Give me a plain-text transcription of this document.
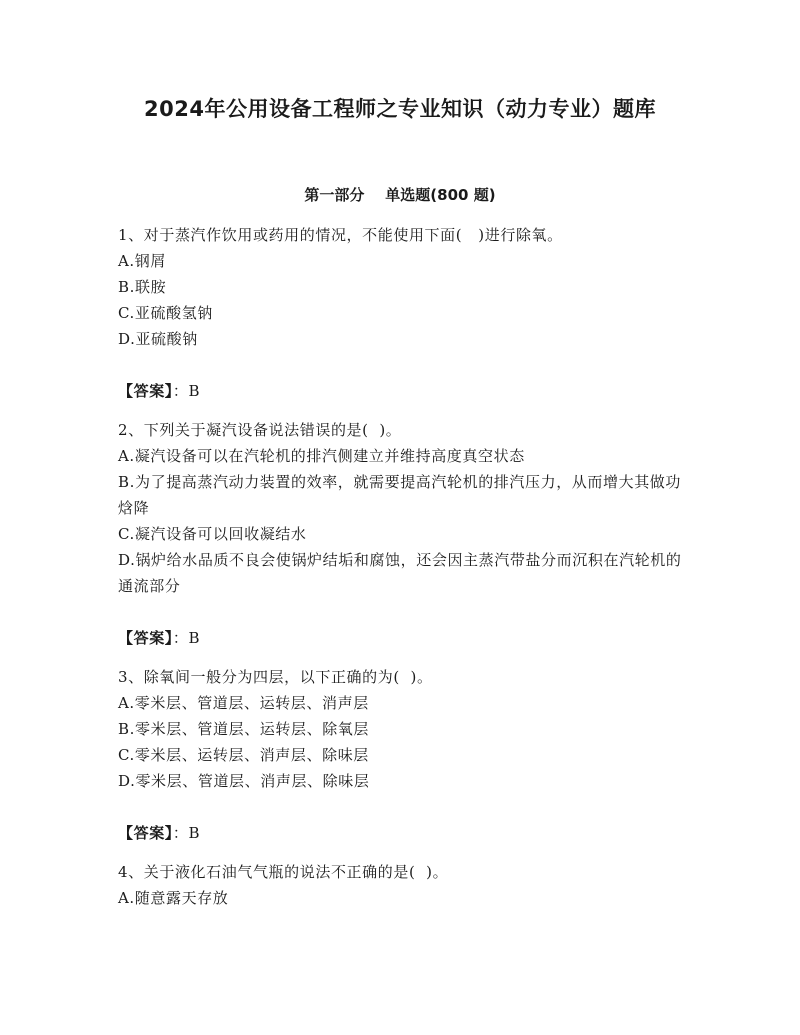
2024年公用设备工程师之专业知识（动力专业）题库
第一部分    单选题(800 题)
1、对于蒸汽作饮用或药用的情况，不能使用下面(   )进行除氧。
A.钢屑
B.联胺
C.亚硫酸氢钠
D.亚硫酸钠
【答案】：B
2、下列关于凝汽设备说法错误的是(  )。
A.凝汽设备可以在汽轮机的排汽侧建立并维持高度真空状态
B.为了提高蒸汽动力装置的效率，就需要提高汽轮机的排汽压力，从而增大其做功焓降
C.凝汽设备可以回收凝结水
D.锅炉给水品质不良会使锅炉结垢和腐蚀，还会因主蒸汽带盐分而沉积在汽轮机的通流部分
【答案】：B
3、除氧间一般分为四层，以下正确的为(  )。
A.零米层、管道层、运转层、消声层
B.零米层、管道层、运转层、除氧层
C.零米层、运转层、消声层、除味层
D.零米层、管道层、消声层、除味层
【答案】：B
4、关于液化石油气气瓶的说法不正确的是(  )。
A.随意露天存放
